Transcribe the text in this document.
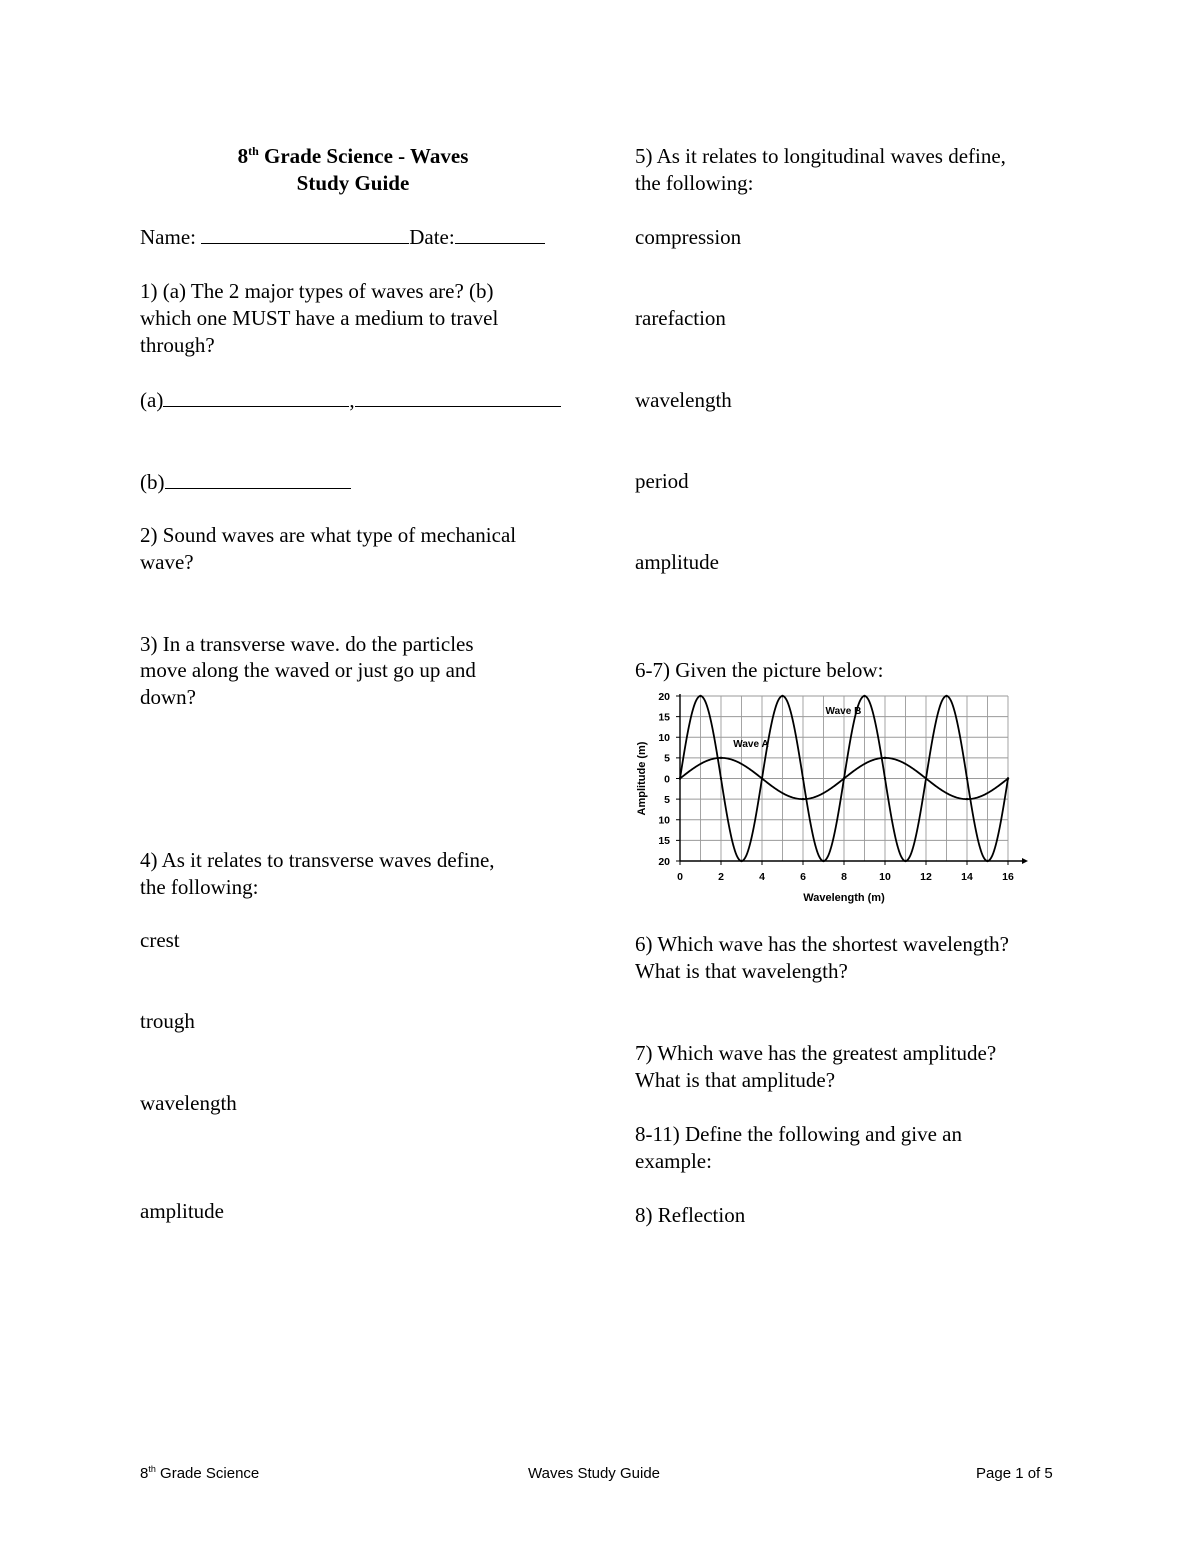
8th Grade Science - Waves
Study Guide
Name:	Date:
1) (a) The 2 major types of waves are? (b)
which one MUST have a medium to travel
through?
(a)	,
(b)
2) Sound waves are what type of mechanical
wave?
3) In a transverse wave. do the particles
move along the waved or just go up and
down?
4) As it relates to transverse waves define,
the following:
crest
trough
wavelength
amplitude
5) As it relates to longitudinal waves define,
the following:
compression
rarefaction
wavelength
period
amplitude
6-7) Given the picture below:
0	2	4	6	8	10	12	14	16
20
15
10
5
0
5
10
15
20
Wave A
Wave B
Wavelength (m)
Amplitude (m)
6) Which wave has the shortest wavelength?
What is that wavelength?
7) Which wave has the greatest amplitude?
What is that amplitude?
8-11) Define the following and give an
example:
8) Reflection
8th Grade Science	Waves Study Guide	Page 1 of 5
